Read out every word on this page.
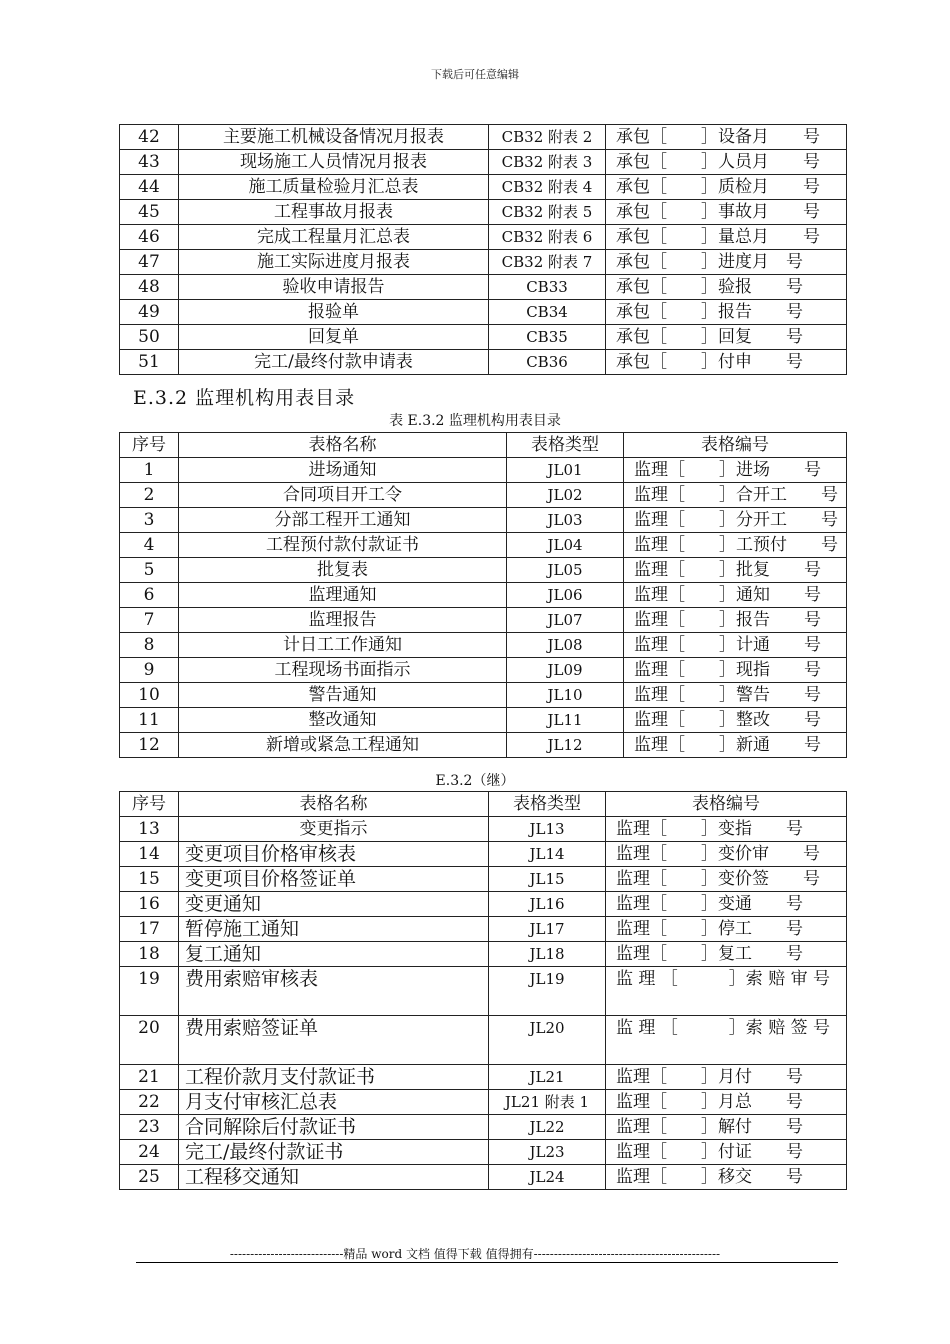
下载后可任意编辑
42	主要施工机械设备情况月报表	CB32 附表 2	承包［　　］设备月　　号
43	现场施工人员情况月报表	CB32 附表 3	承包［　　］人员月　　号
44	施工质量检验月汇总表	CB32 附表 4	承包［　　］质检月　　号
45	工程事故月报表	CB32 附表 5	承包［　　］事故月　　号
46	完成工程量月汇总表	CB32 附表 6	承包［　　］量总月　　号
47	施工实际进度月报表	CB32 附表 7	承包［　　］进度月　号
48	验收申请报告	CB33	承包［　　］验报　　号
49	报验单	CB34	承包［　　］报告　　号
50	回复单	CB35	承包［　　］回复　　号
51	完工/最终付款申请表	CB36	承包［　　］付申　　号
E.3.2 监理机构用表目录
表 E.3.2 监理机构用表目录
序号	表格名称	表格类型	表格编号
1	进场通知	JL01	监理［　　］进场　　号
2	合同项目开工令	JL02	监理［　　］合开工　　号
3	分部工程开工通知	JL03	监理［　　］分开工　　号
4	工程预付款付款证书	JL04	监理［　　］工预付　　号
5	批复表	JL05	监理［　　］批复　　号
6	监理通知	JL06	监理［　　］通知　　号
7	监理报告	JL07	监理［　　］报告　　号
8	计日工工作通知	JL08	监理［　　］计通　　号
9	工程现场书面指示	JL09	监理［　　］现指　　号
10	警告通知	JL10	监理［　　］警告　　号
11	整改通知	JL11	监理［　　］整改　　号
12	新增或紧急工程通知	JL12	监理［　　］新通　　号
E.3.2（继）
序号	表格名称	表格类型	表格编号
13	变更指示	JL13	监理［　　］变指　　号
14	变更项目价格审核表	JL14	监理［　　］变价审　　号
15	变更项目价格签证单	JL15	监理［　　］变价签　　号
16	变更通知	JL16	监理［　　］变通　　号
17	暂停施工通知	JL17	监理［　　］停工　　号
18	复工通知	JL18	监理［　　］复工　　号
19	费用索赔审核表	JL19	监 理 ［　　　］索 赔 审 号
20	费用索赔签证单	JL20	监 理 ［　　　］索 赔 签 号
21	工程价款月支付款证书	JL21	监理［　　］月付　　号
22	月支付审核汇总表	JL21 附表 1	监理［　　］月总　　号
23	合同解除后付款证书	JL22	监理［　　］解付　　号
24	完工/最终付款证书	JL23	监理［　　］付证　　号
25	工程移交通知	JL24	监理［　　］移交　　号
----------------------------精品 word 文档 值得下载 值得拥有----------------------------------------------
